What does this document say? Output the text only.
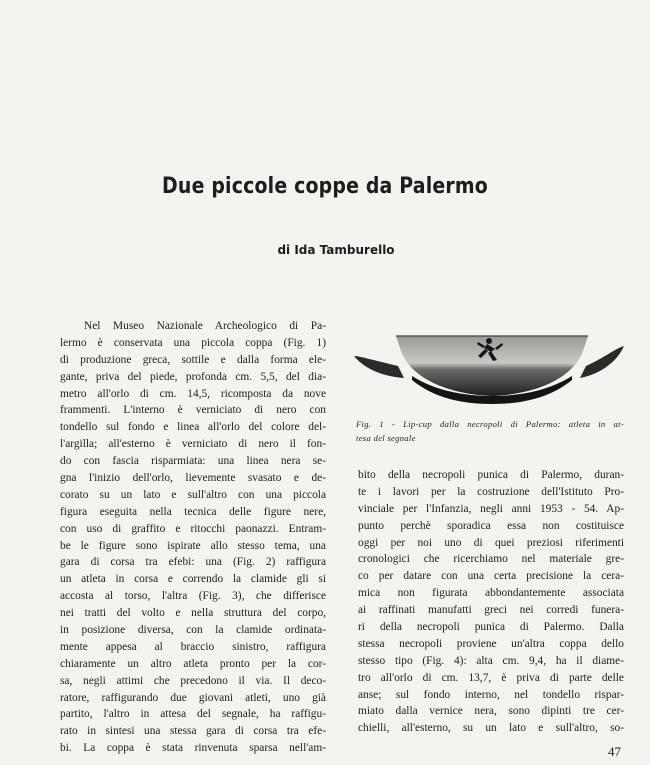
Due piccole coppe da Palermo
di Ida Tamburello
Nel Museo Nazionale Archeologico di Pa-
lermo è conservata una piccola coppa (Fig. 1)
di produzione greca, sottile e dalla forma ele-
gante, priva del piede, profonda cm. 5,5, del dia-
metro all'orlo di cm. 14,5, ricomposta da nove
frammenti. L'interno è verniciato di nero con
tondello sul fondo e linea all'orlo del colore del-
l'argilla; all'esterno è verniciato di nero il fon-
do con fascia risparmiata: una linea nera se-
gna l'inizio dell'orlo, lievemente svasato e de-
corato su un lato e sull'altro con una piccola
figura eseguita nella tecnica delle figure nere,
con uso di graffito e ritocchi paonazzi. Entram-
be le figure sono ispirate allo stesso tema, una
gara di corsa tra efebi: una (Fig. 2) raffigura
un atleta in corsa e correndo la clamide gli si
accosta al torso, l'altra (Fig. 3), che differisce
nei tratti del volto e nella struttura del corpo,
in posizione diversa, con la clamide ordinata-
mente appesa al braccio sinistro, raffigura
chiaramente un altro atleta pronto per la cor-
sa, negli attimi che precedono il via. Il deco-
ratore, raffigurando due giovani atleti, uno già
partito, l'altro in attesa del segnale, ha raffigu-
rato in sintesi una stessa gara di corsa tra efe-
bi. La coppa è stata rinvenuta sparsa nell'am-
Fig. 1 - Lip-cup dalla necropoli di Palermo: atleta in at-
tesa del segnale
bito della necropoli punica di Palermo, duran-
te i lavori per la costruzione dell'Istituto Pro-
vinciale per l'Infanzia, negli anni 1953 - 54. Ap-
punto perchè sporadica essa non costituisce
oggi per noi uno di quei preziosi riferimenti
cronologici che ricerchiamo nel materiale gre-
co per datare con una certa precisione la cera-
mica non figurata abbondantemente associata
ai raffinati manufatti greci nei corredi funera-
ri della necropoli punica di Palermo. Dalla
stessa necropoli proviene un'altra coppa dello
stesso tipo (Fig. 4): alta cm. 9,4, ha il diame-
tro all'orlo di cm. 13,7, è priva di parte delle
anse; sul fondo interno, nel tondello rispar-
miato dalla vernice nera, sono dipinti tre cer-
chielli, all'esterno, su un lato e sull'altro, so-
47
